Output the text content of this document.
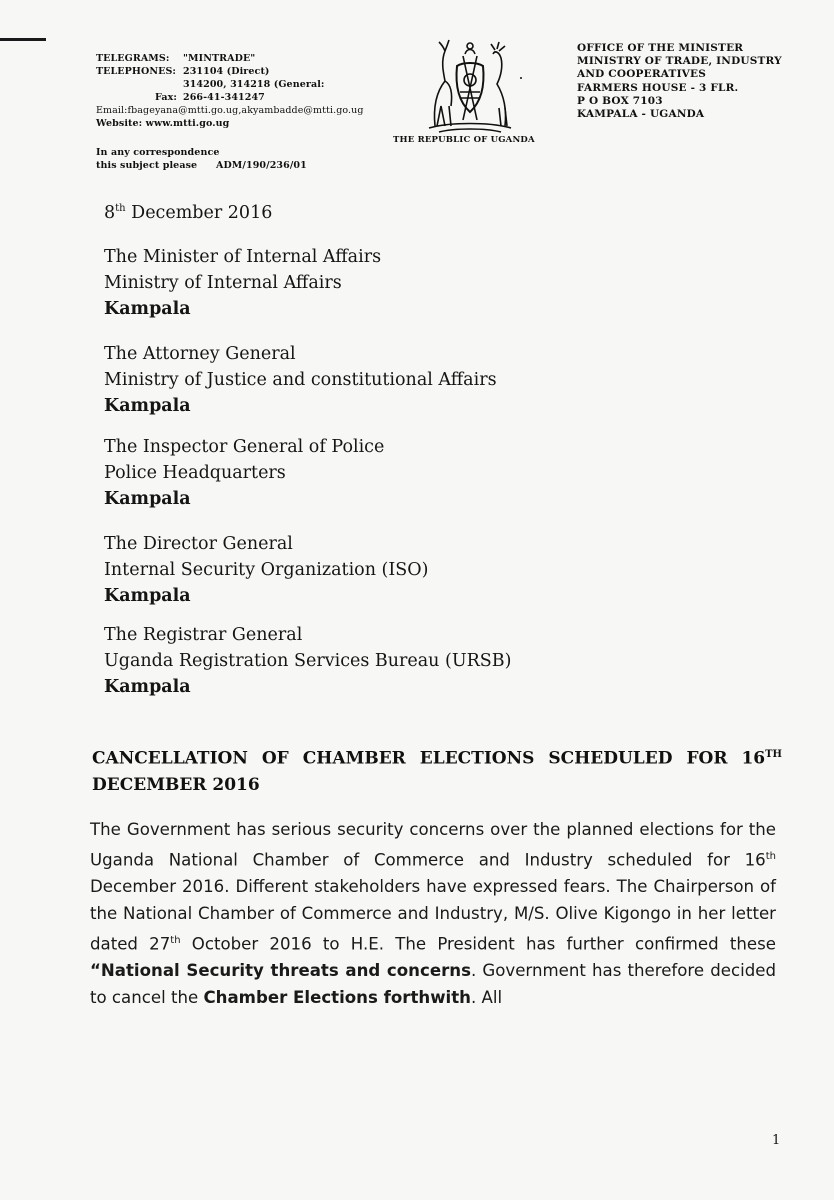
TELEGRAMS: "MINTRADE"
TELEPHONES: 231104 (Direct)
314200, 314218 (General:
Fax: 266-41-341247
Email:fbageyana@mtti.go.ug,akyambadde@mtti.go.ug
Website: www.mtti.go.ug
In any correspondence
this subject please ADM/190/236/01
THE REPUBLIC OF UGANDA
OFFICE OF THE MINISTER
MINISTRY OF TRADE, INDUSTRY
AND COOPERATIVES
FARMERS HOUSE - 3 FLR.
P O BOX 7103
KAMPALA - UGANDA
8th December 2016
The Minister of Internal Affairs
Ministry of Internal Affairs
Kampala
The Attorney General
Ministry of Justice and constitutional Affairs
Kampala
The Inspector General of Police
Police Headquarters
Kampala
The Director General
Internal Security Organization (ISO)
Kampala
The Registrar General
Uganda Registration Services Bureau (URSB)
Kampala
CANCELLATION OF CHAMBER ELECTIONS SCHEDULED FOR 16TH DECEMBER 2016
The Government has serious security concerns over the planned elections for the Uganda National Chamber of Commerce and Industry scheduled for 16th December 2016. Different stakeholders have expressed fears. The Chairperson of the National Chamber of Commerce and Industry, M/S. Olive Kigongo in her letter dated 27th October 2016 to H.E. The President has further confirmed these “National Security threats and concerns. Government has therefore decided to cancel the Chamber Elections forthwith. All
1
